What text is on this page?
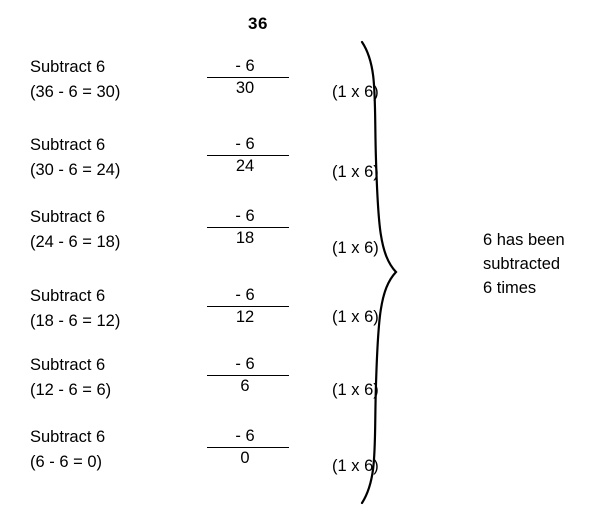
36
Subtract 6
(36 - 6 = 30)
- 6
30	(1 x 6)
Subtract 6
(30 - 6 = 24)
- 6
24	(1 x 6)
Subtract 6
(24 - 6 = 18)
- 6
18
(1 x 6)
Subtract 6
(18 - 6 = 12)
- 6
12	(1 x 6)
Subtract 6
(12 - 6 = 6)
- 6
6	(1 x 6)
Subtract 6
(6 - 6 = 0)
- 6
0	(1 x 6)
6 has been
subtracted
6 times
